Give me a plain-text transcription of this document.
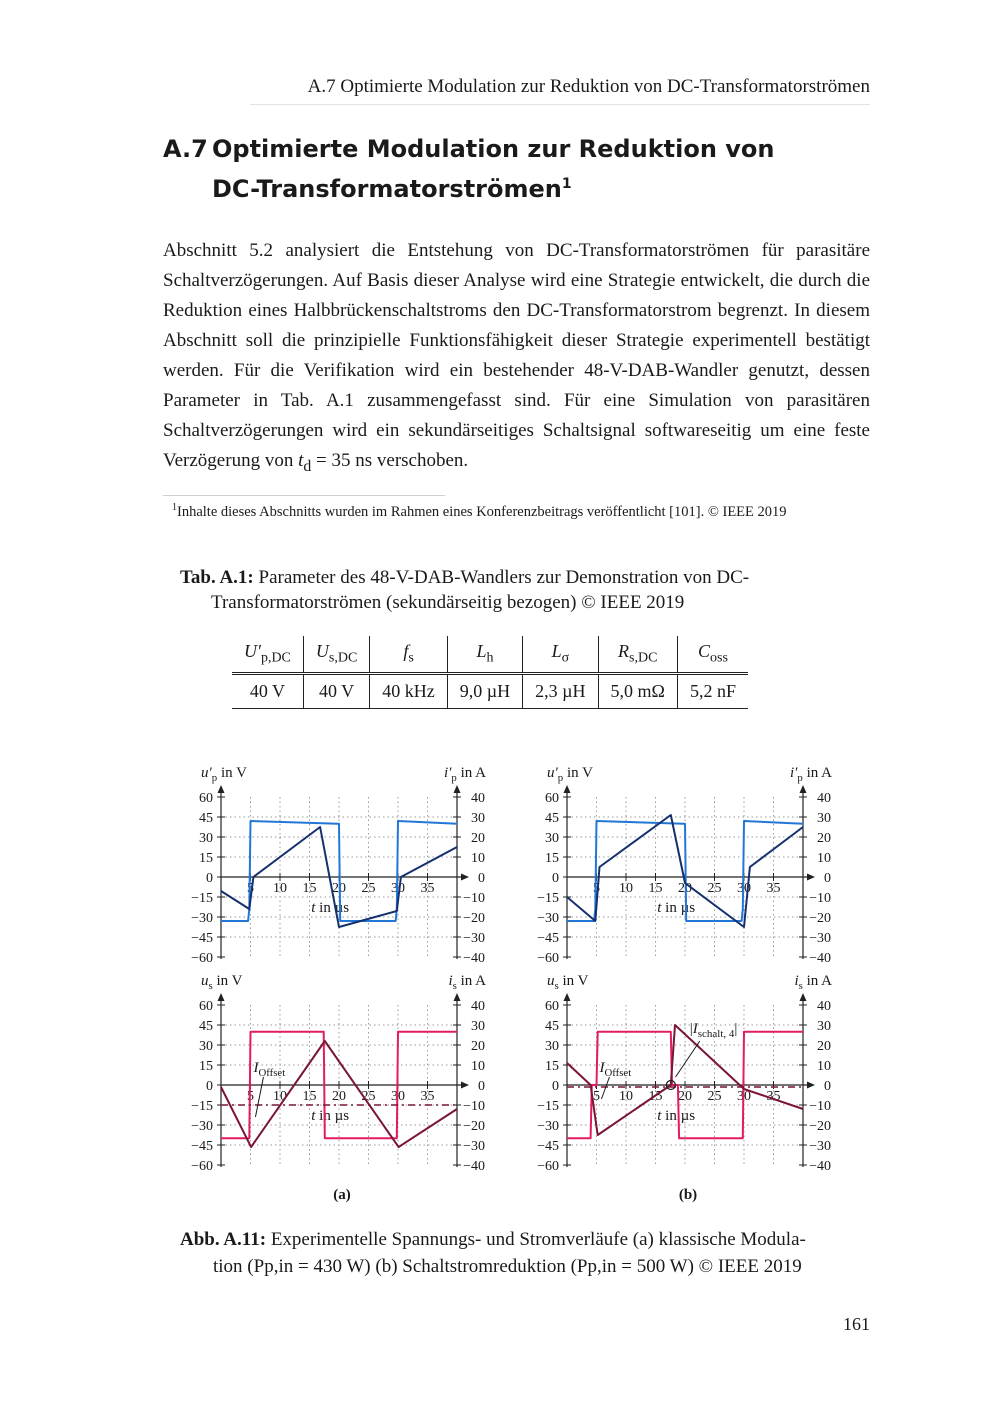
A.7 Optimierte Modulation zur Reduktion von DC-Transformatorströmen
A.7 Optimierte Modulation zur Reduktion von
DC-Transformatorströmen$^1$
Abschnitt 5.2 analysiert die Entstehung von DC-Transformatorströmen für parasitäre Schaltverzögerungen. Auf Basis dieser Analyse wird eine Strategie entwickelt, die durch die Reduktion eines Halbbrückenschaltstroms den DC-Transformatorstrom begrenzt. In diesem Abschnitt soll die prinzipielle Funktionsfähigkeit dieser Strategie experimentell bestätigt werden. Für die Verifikation wird ein bestehender 48-V-DAB-Wandler genutzt, dessen Parameter in Tab. A.1 zusammengefasst sind. Für eine Simulation von parasitären Schaltverzögerungen wird ein sekundärseitiges Schaltsignal softwareseitig um eine feste Verzögerung von $t_d = 35$ ns verschoben.
$^1$Inhalte dieses Abschnitts wurden im Rahmen eines Konferenzbeitrags veröffentlicht [101]. © IEEE 2019
Tab. A.1: Parameter des 48-V-DAB-Wandlers zur Demonstration von DC-
Transformatorströmen (sekundärseitig bezogen) © IEEE 2019
$U'_{p,DC}$	$U_{s,DC}$	$f_s$	$L_h$	$L_\sigma$	$R_{s,DC}$	$C_{oss}$
40 V	40 V	40 kHz	9,0 µH	2,3 µH	5,0 mΩ	5,2 nF
60
45
30
15
0
−15
−30
−45
−60
40
30
20
10
0
−10
−20
−30
−40
5 10 15 20 25 30 35
t in µs
$u'_p$ in V	$i'_p$ in A
60
45
30
15
0
−15
−30
−45
−60
40
30
20
10
0
−10
−20
−30
−40
5 10 15 20 25 30 35
t in µs
$u_s$ in V	$i_s$ in A
$I_{Offset}$
60
45
30
15
0
−15
−30
−45
−60
40
30
20
10
0
−10
−20
−30
−40
5 10 15 20 25 30 35
t in µs
$u'_p$ in V	$i'_p$ in A
60
45
30
15
0
−15
−30
−45
−60
40
30
20
10
0
−10
−20
−30
−40
5 10 15 20 25 30 35
t in µs
$u_s$ in V	$i_s$ in A
$I_{Offset}$
$|I_{schalt, 4}|$
(a)	(b)
Abb. A.11: Experimentelle Spannungs- und Stromverläufe (a) klassische Modula-
tion (Pp,in = 430 W) (b) Schaltstromreduktion (Pp,in = 500 W) © IEEE 2019
161
